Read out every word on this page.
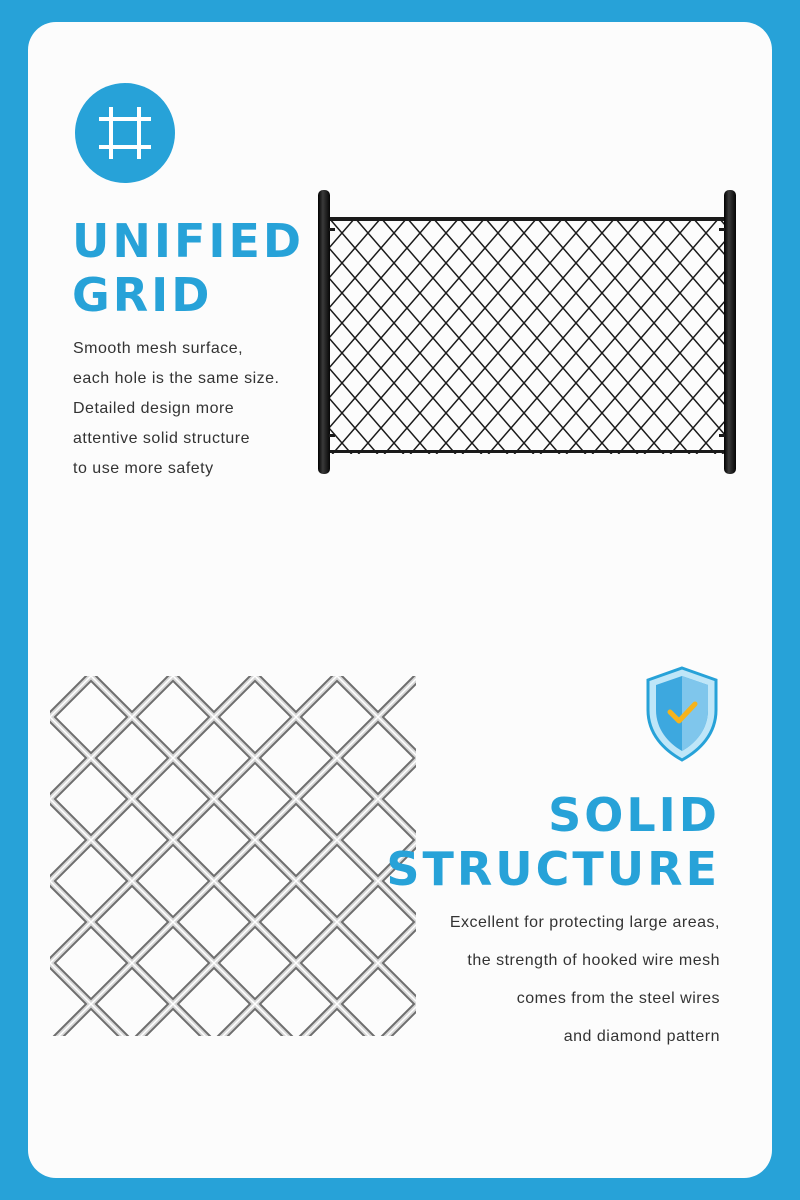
UNIFIED
GRID
Smooth mesh surface,
each hole is the same size.
Detailed design more
attentive solid structure
to use more safety
SOLID
STRUCTURE
Excellent for protecting large areas,
the strength of hooked wire mesh
comes from the steel wires
and diamond pattern
